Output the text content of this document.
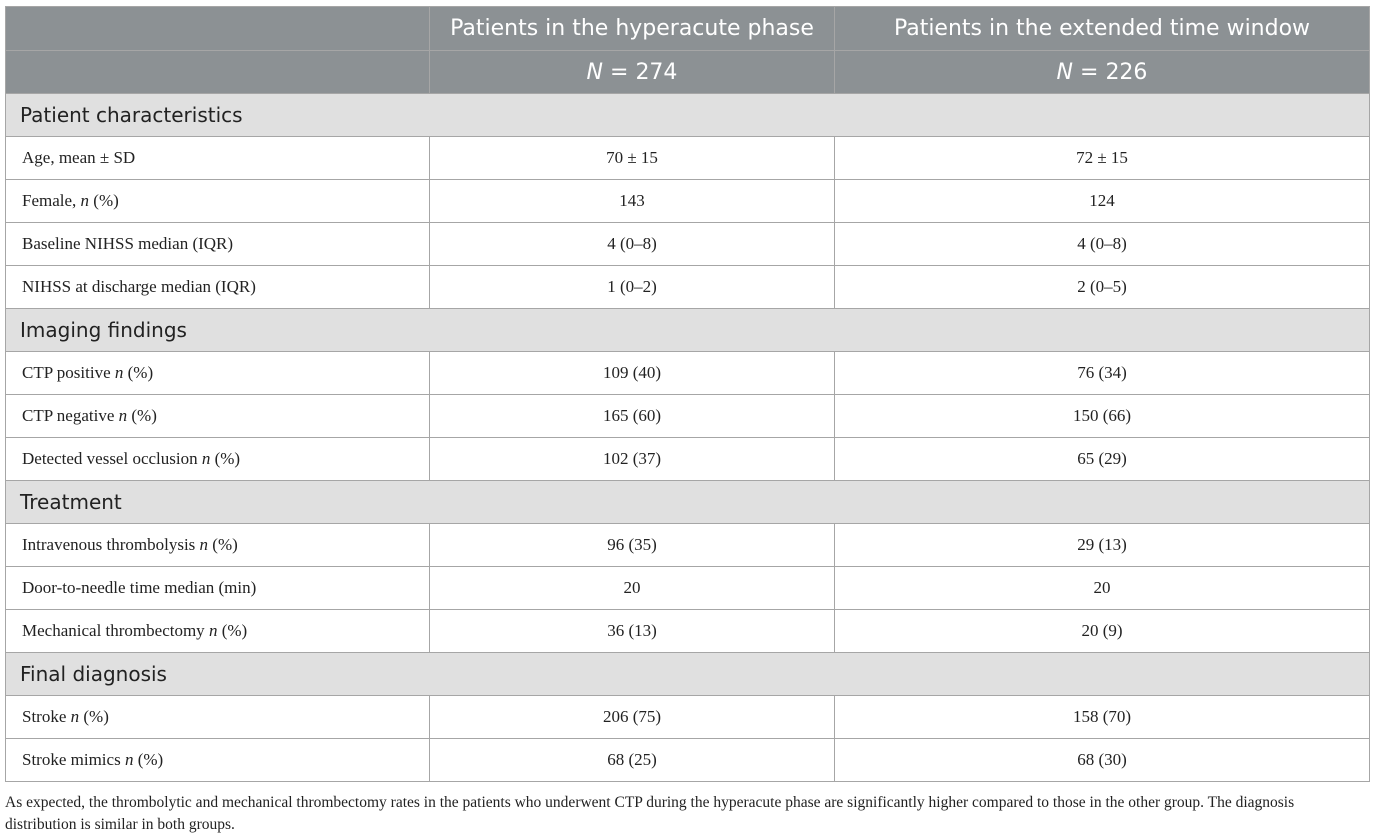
	Patients in the hyperacute phase	Patients in the extended time window
	N = 274	N = 226
Patient characteristics		
Age, mean ± SD	70 ± 15	72 ± 15
Female, n (%)	143	124
Baseline NIHSS median (IQR)	4 (0–8)	4 (0–8)
NIHSS at discharge median (IQR)	1 (0–2)	2 (0–5)
Imaging findings		
CTP positive n (%)	109 (40)	76 (34)
CTP negative n (%)	165 (60)	150 (66)
Detected vessel occlusion n (%)	102 (37)	65 (29)
Treatment		
Intravenous thrombolysis n (%)	96 (35)	29 (13)
Door-to-needle time median (min)	20	20
Mechanical thrombectomy n (%)	36 (13)	20 (9)
Final diagnosis		
Stroke n (%)	206 (75)	158 (70)
Stroke mimics n (%)	68 (25)	68 (30)
As expected, the thrombolytic and mechanical thrombectomy rates in the patients who underwent CTP during the hyperacute phase are significantly higher compared to those in the other group. The diagnosis distribution is similar in both groups.
